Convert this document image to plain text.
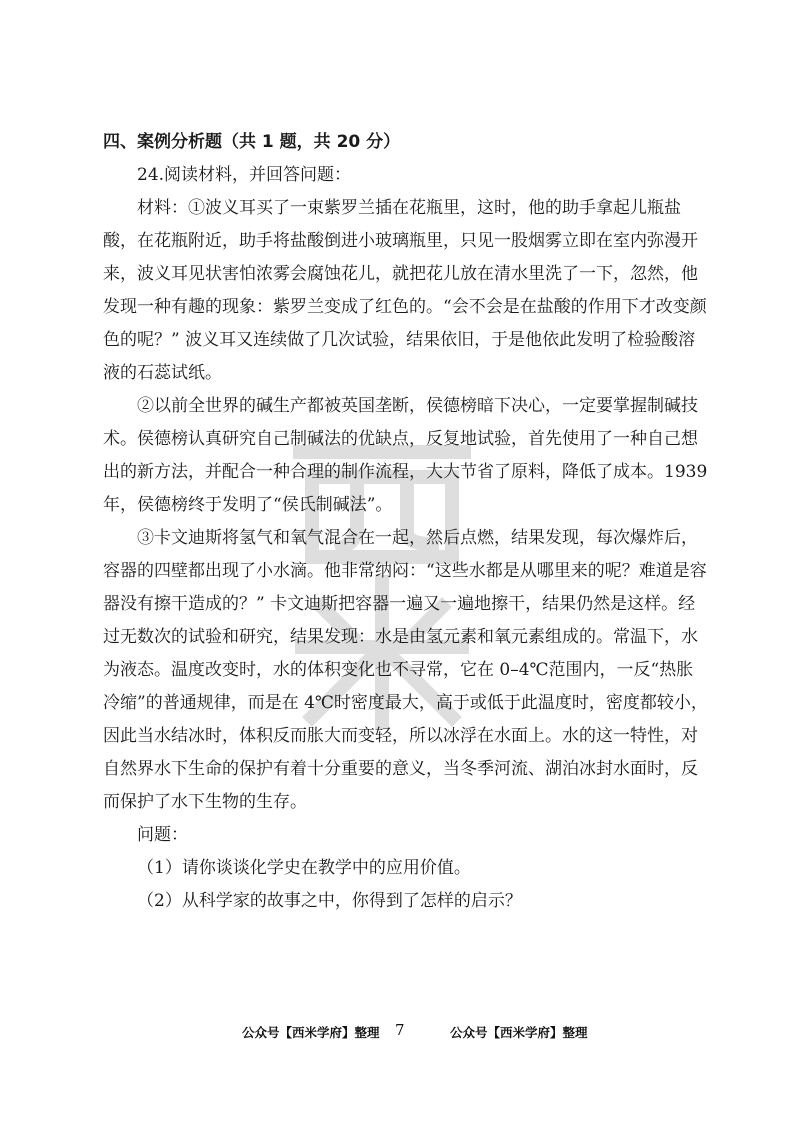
四、案例分析题（共 1 题，共 20 分）

24.阅读材料，并回答问题：

材料：①波义耳买了一束紫罗兰插在花瓶里，这时，他的助手拿起儿瓶盐酸，在花瓶附近，助手将盐酸倒进小玻璃瓶里，只见一股烟雾立即在室内弥漫开来，波义耳见状害怕浓雾会腐蚀花儿，就把花儿放在清水里洗了一下，忽然，他发现一种有趣的现象：紫罗兰变成了红色的。“会不会是在盐酸的作用下才改变颜色的呢？” 波义耳又连续做了几次试验，结果依旧，于是他依此发明了检验酸溶液的石蕊试纸。

②以前全世界的碱生产都被英国垄断，侯德榜暗下决心，一定要掌握制碱技术。侯德榜认真研究自己制碱法的优缺点，反复地试验，首先使用了一种自己想出的新方法，并配合一种合理的制作流程，大大节省了原料，降低了成本。1939 年，侯德榜终于发明了“侯氏制碱法”。

③卡文迪斯将氢气和氧气混合在一起，然后点燃，结果发现，每次爆炸后，容器的四壁都出现了小水滴。他非常纳闷：“这些水都是从哪里来的呢？难道是容器没有擦干造成的？” 卡文迪斯把容器一遍又一遍地擦干，结果仍然是这样。经过无数次的试验和研究，结果发现：水是由氢元素和氧元素组成的。常温下，水为液态。温度改变时，水的体积变化也不寻常，它在 0–4℃范围内，一反“热胀冷缩”的普通规律，而是在 4℃时密度最大，高于或低于此温度时，密度都较小，因此当水结冰时，体积反而胀大而变轻，所以冰浮在水面上。水的这一特性，对自然界水下生命的保护有着十分重要的意义，当冬季河流、湖泊冰封水面时，反而保护了水下生物的生存。

问题：

（1）请你谈谈化学史在教学中的应用价值。

（2）从科学家的故事之中，你得到了怎样的启示？

公众号【西米学府】整理 7	公众号【西米学府】整理
